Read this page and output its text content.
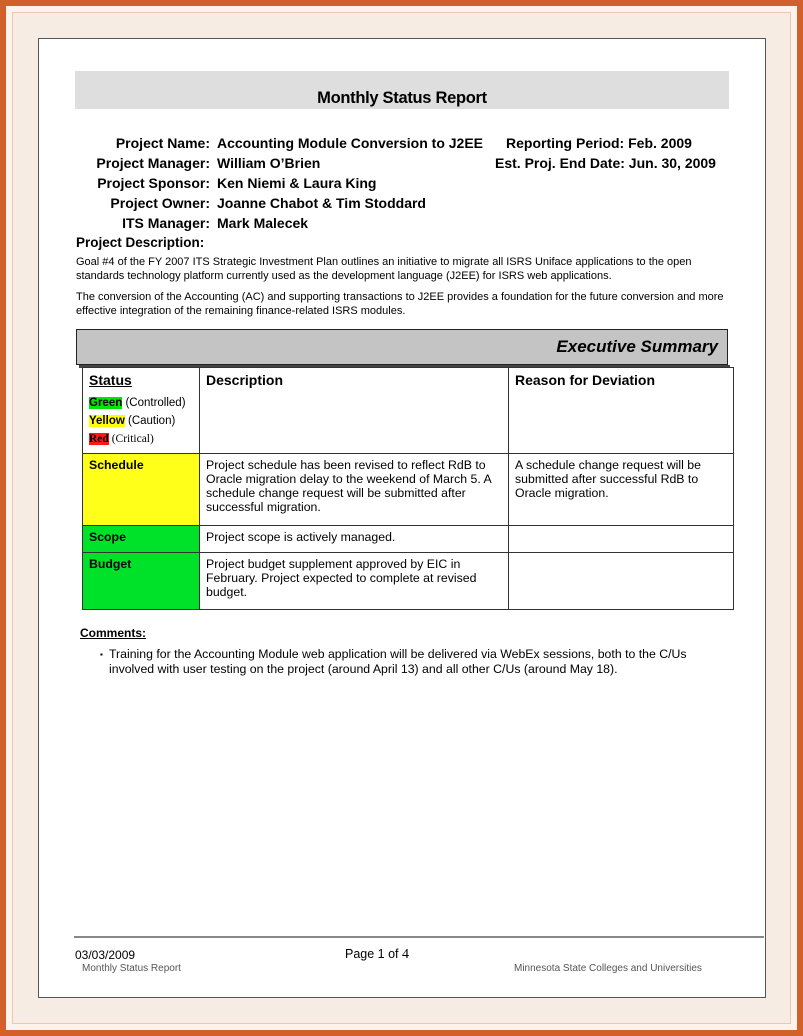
Monthly Status Report
Project Name: Accounting Module Conversion to J2EE
Project Manager: William O’Brien
Project Sponsor: Ken Niemi & Laura King
Project Owner: Joanne Chabot & Tim Stoddard
ITS Manager: Mark Malecek
Reporting Period: Feb. 2009
Est. Proj. End Date: Jun. 30, 2009
Project Description:
Goal #4 of the FY 2007 ITS Strategic Investment Plan outlines an initiative to migrate all ISRS Uniface applications to the open standards technology platform currently used as the development language (J2EE) for ISRS web applications.
The conversion of the Accounting (AC) and supporting transactions to J2EE provides a foundation for the future conversion and more effective integration of the remaining finance-related ISRS modules.
Executive Summary
Status
Green (Controlled)
Yellow (Caution)
Red (Critical)	Description	Reason for Deviation

Schedule	Project schedule has been revised to reflect RdB to Oracle migration delay to the weekend of March 5. A schedule change request will be submitted after successful migration.	A schedule change request will be submitted after successful RdB to Oracle migration.
Scope	Project scope is actively managed.	
Budget	Project budget supplement approved by EIC in February. Project expected to complete at revised budget.	
Comments:
▪ Training for the Accounting Module web application will be delivered via WebEx sessions, both to the C/Us involved with user testing on the project (around April 13) and all other C/Us (around May 18).
03/03/2009	Page 1 of 4
Monthly Status Report	Minnesota State Colleges and Universities
